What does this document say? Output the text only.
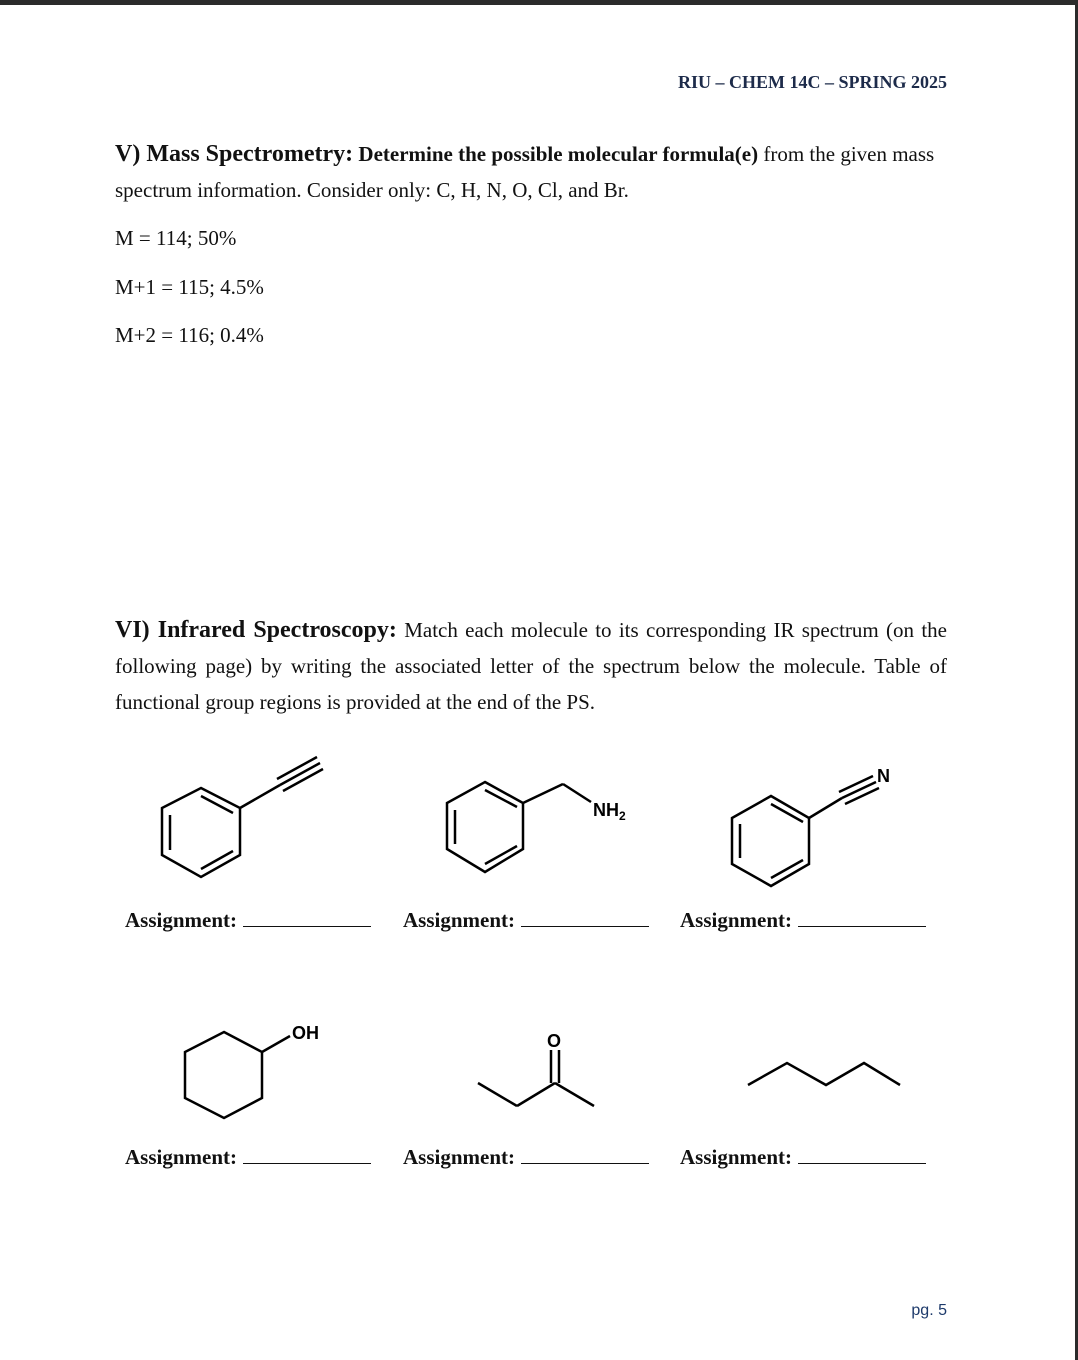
RIU – CHEM 14C – SPRING 2025
V) Mass Spectrometry: Determine the possible molecular formula(e) from the given mass spectrum information. Consider only: C, H, N, O, Cl, and Br.
M = 114; 50%
M+1 = 115; 4.5%
M+2 = 116; 0.4%
VI) Infrared Spectroscopy: Match each molecule to its corresponding IR spectrum (on the following page) by writing the associated letter of the spectrum below the molecule. Table of functional group regions is provided at the end of the PS.
$NH_2$
N
OH	O
Assignment:	Assignment:	Assignment:
Assignment:	Assignment:	Assignment:
pg. 5
